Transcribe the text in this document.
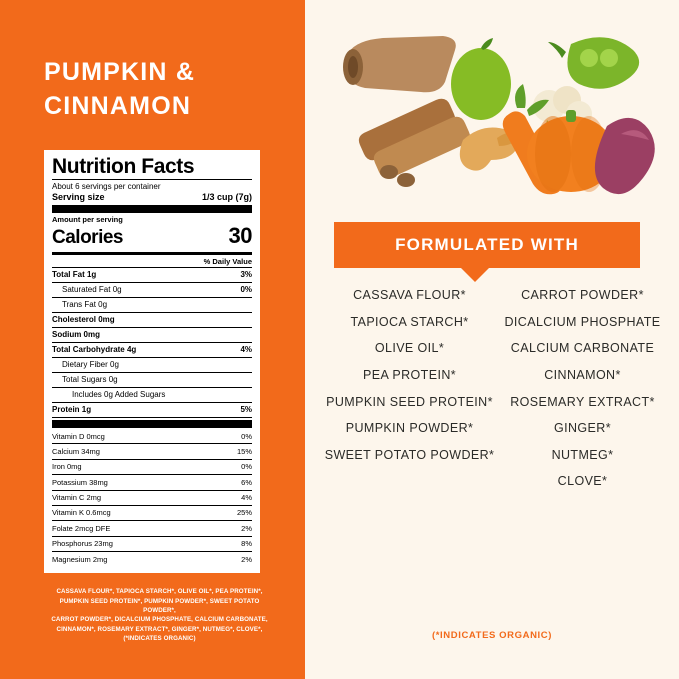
PUMPKIN &
CINNAMON
Nutrition Facts
About 6 servings per container
Serving size	1/3 cup (7g)
Amount per serving
Calories	30
% Daily Value
Total Fat 1g	3%
Saturated Fat 0g	0%
Trans Fat 0g
Cholesterol 0mg
Sodium 0mg
Total Carbohydrate 4g	4%
Dietary Fiber 0g
Total Sugars 0g
Includes 0g Added Sugars
Protein 1g	5%
Vitamin D 0mcg	0%
Calcium 34mg	15%
Iron 0mg	0%
Potassium 38mg	6%
Vitamin C 2mg	4%
Vitamin K 0.6mcg	25%
Folate 2mcg DFE	2%
Phosphorus 23mg	8%
Magnesium 2mg	2%
CASSAVA FLOUR*, TAPIOCA STARCH*, OLIVE OIL*, PEA PROTEIN*,
PUMPKIN SEED PROTEIN*, PUMPKIN POWDER*, SWEET POTATO POWDER*,
CARROT POWDER*, DICALCIUM PHOSPHATE, CALCIUM CARBONATE,
CINNAMON*, ROSEMARY EXTRACT*, GINGER*, NUTMEG*, CLOVE*,
(*INDICATES ORGANIC)
FORMULATED WITH
CASSAVA FLOUR*
TAPIOCA STARCH*
OLIVE OIL*
PEA PROTEIN*
PUMPKIN SEED PROTEIN*
PUMPKIN POWDER*
SWEET POTATO POWDER*
CARROT POWDER*
DICALCIUM PHOSPHATE
CALCIUM CARBONATE
CINNAMON*
ROSEMARY EXTRACT*
GINGER*
NUTMEG*
CLOVE*
(*INDICATES ORGANIC)
